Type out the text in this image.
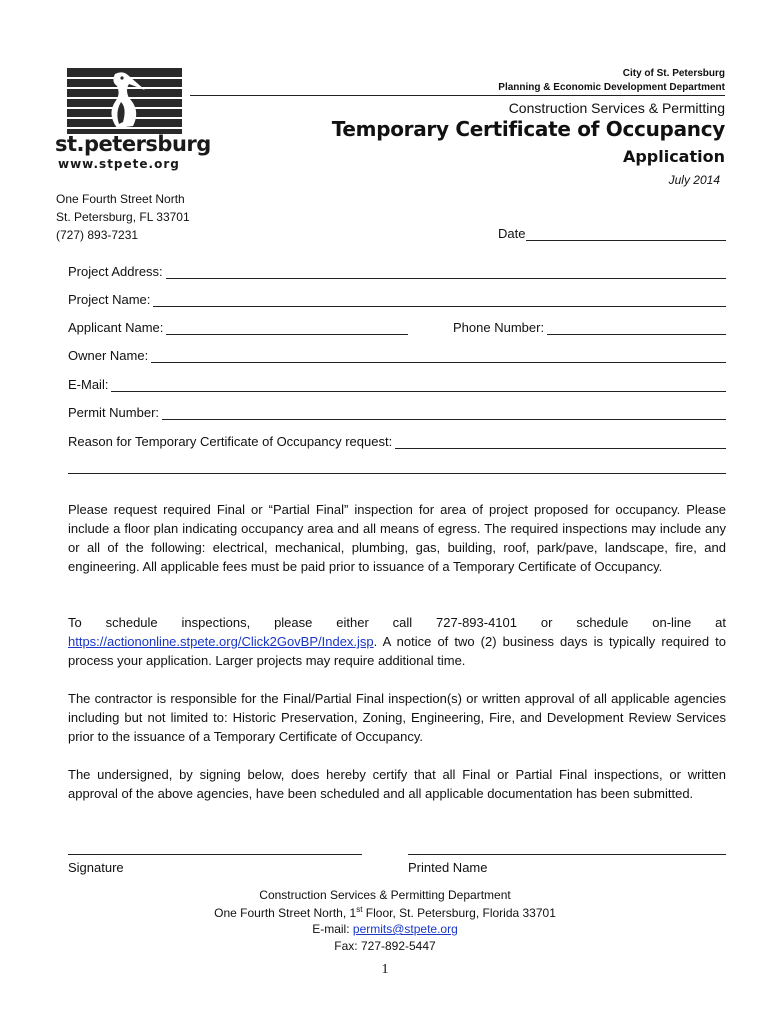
st.petersburg
www.stpete.org
City of St. Petersburg
Planning & Economic Development Department
Construction Services & Permitting
Temporary Certificate of Occupancy
Application
July 2014
One Fourth Street North
St. Petersburg, FL 33701
(727) 893-7231	Date
Project Address:
Project Name:
Applicant Name:	Phone Number:
Owner Name:
E-Mail:
Permit Number:
Reason for Temporary Certificate of Occupancy request:
Please request required Final or “Partial Final” inspection for area of project proposed for occupancy. Please include a floor plan indicating occupancy area and all means of egress. The required inspections may include any or all of the following: electrical, mechanical, plumbing, gas, building, roof, park/pave, landscape, fire, and engineering. All applicable fees must be paid prior to issuance of a Temporary Certificate of Occupancy.
To schedule inspections, please either call 727-893-4101 or schedule on-line at
https://actiononline.stpete.org/Click2GovBP/Index.jsp. A notice of two (2) business days is typically required to process your application. Larger projects may require additional time.
The contractor is responsible for the Final/Partial Final inspection(s) or written approval of all applicable agencies including but not limited to: Historic Preservation, Zoning, Engineering, Fire, and Development Review Services prior to the issuance of a Temporary Certificate of Occupancy.
The undersigned, by signing below, does hereby certify that all Final or Partial Final inspections, or written approval of the above agencies, have been scheduled and all applicable documentation has been submitted.
Signature	Printed Name
Construction Services & Permitting Department
One Fourth Street North, 1st Floor, St. Petersburg, Florida 33701
E-mail: permits@stpete.org
Fax: 727-892-5447
1
